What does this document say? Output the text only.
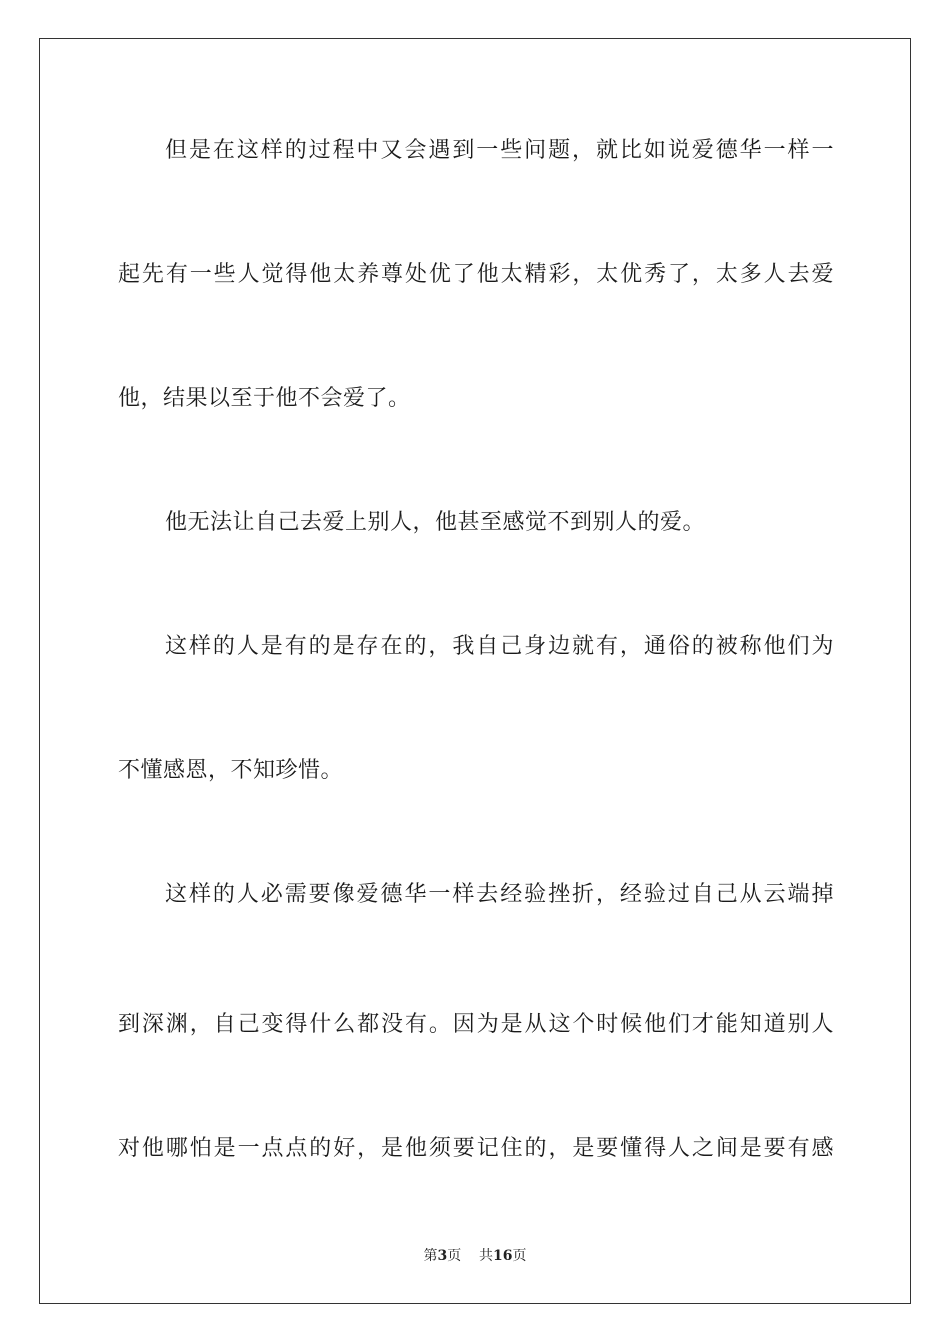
但是在这样的过程中又会遇到一些问题，就比如说爱德华一样一
起先有一些人觉得他太养尊处优了他太精彩，太优秀了，太多人去爱
他，结果以至于他不会爱了。
他无法让自己去爱上别人，他甚至感觉不到别人的爱。
这样的人是有的是存在的，我自己身边就有，通俗的被称他们为
不懂感恩，不知珍惜。
这样的人必需要像爱德华一样去经验挫折，经验过自己从云端掉
到深渊，自己变得什么都没有。因为是从这个时候他们才能知道别人
对他哪怕是一点点的好，是他须要记住的，是要懂得人之间是要有感
第3页 共16页
